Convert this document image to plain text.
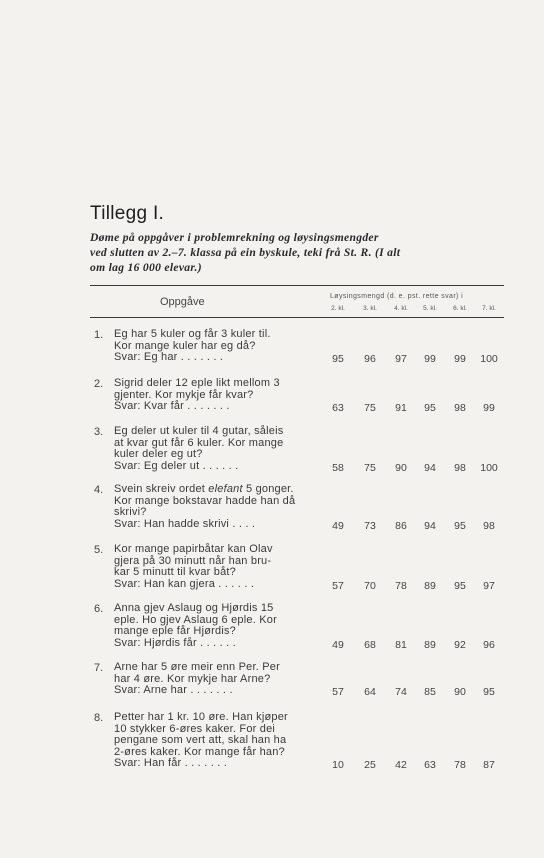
Tillegg I.
Døme på oppgåver i problemrekning og løysingsmengder
ved slutten av 2.–7. klassa på ein byskule, teki frå St. R. (I alt
om lag 16 000 elevar.)
Oppgåve	Løysingsmengd (d. e. pst. rette svar) i
2. kl.	3. kl.	4. kl.	5. kl.	6. kl.	7. kl.
1. Eg har 5 kuler og får 3 kuler til.
Kor mange kuler har eg då?
Svar: Eg har . . . . . . .	95	96	97	99	99	100
2. Sigrid deler 12 eple likt mellom 3
gjenter. Kor mykje får kvar?
Svar: Kvar får . . . . . . .	63	75	91	95	98	99
3. Eg deler ut kuler til 4 gutar, såleis
at kvar gut får 6 kuler. Kor mange
kuler deler eg ut?
Svar: Eg deler ut . . . . . .	58	75	90	94	98	100
4. Svein skreiv ordet elefant 5 gonger.
Kor mange bokstavar hadde han då
skrivi?
Svar: Han hadde skrivi . . . .	49	73	86	94	95	98
5. Kor mange papirbåtar kan Olav
gjera på 30 minutt når han bru-
kar 5 minutt til kvar båt?
Svar: Han kan gjera . . . . . .	57	70	78	89	95	97
6. Anna gjev Aslaug og Hjørdis 15
eple. Ho gjev Aslaug 6 eple. Kor
mange eple får Hjørdis?
Svar: Hjørdis får . . . . . .	49	68	81	89	92	96
7. Arne har 5 øre meir enn Per. Per
har 4 øre. Kor mykje har Arne?
Svar: Arne har . . . . . . .	57	64	74	85	90	95
8. Petter har 1 kr. 10 øre. Han kjøper
10 stykker 6-øres kaker. For dei
pengane som vert att, skal han ha
2-øres kaker. Kor mange får han?
Svar: Han får . . . . . . .	10	25	42	63	78	87
